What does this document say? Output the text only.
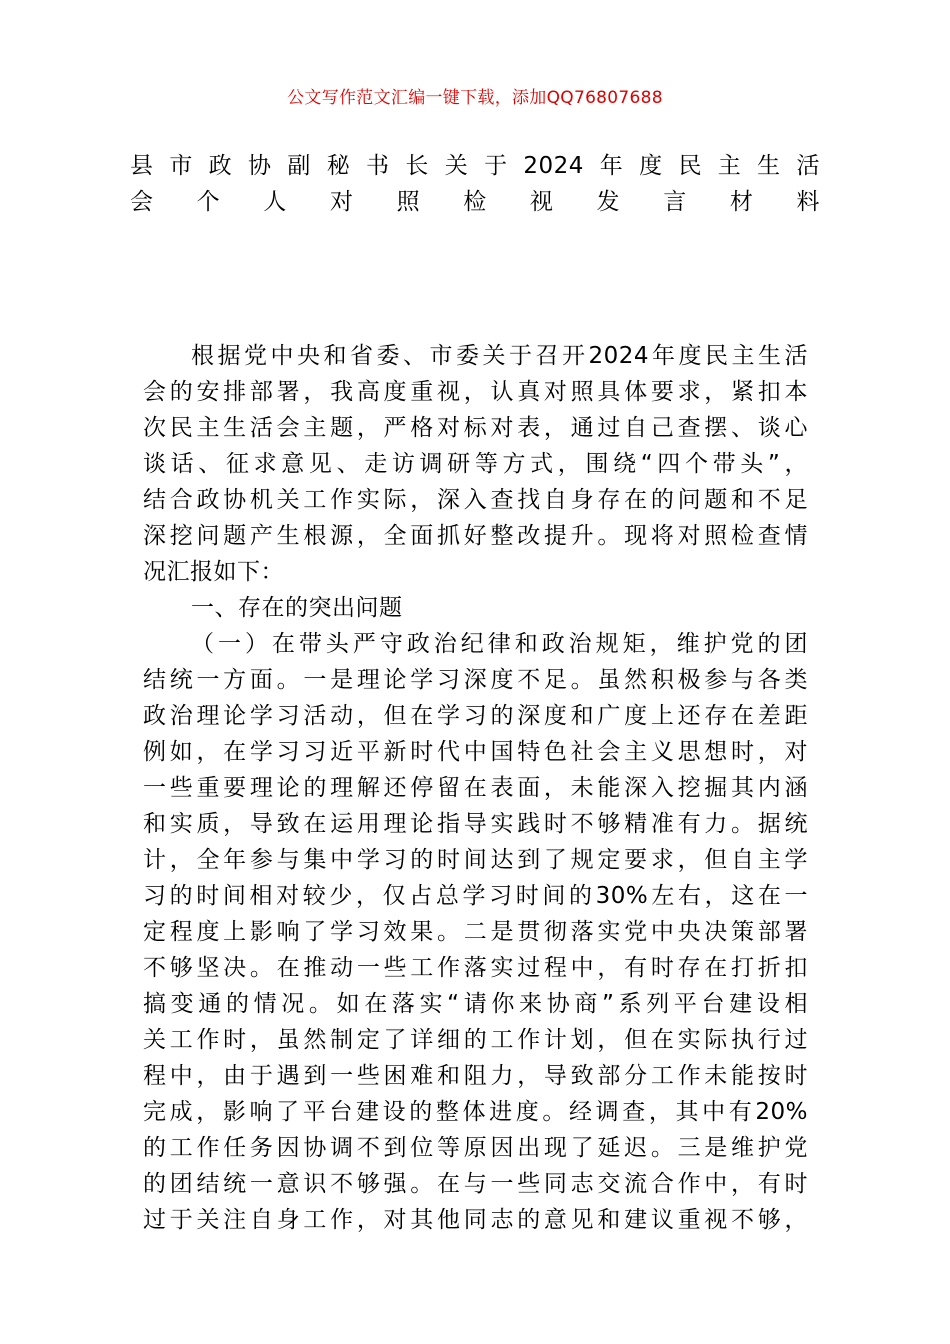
公文写作范文汇编一键下载，添加QQ76807688
县市政协副秘书长关于2024年度民主生活
会个人对照检视发言材料
根据党中央和省委、市委关于召开2024年度民主生活
会的安排部署，我高度重视，认真对照具体要求，紧扣本
次民主生活会主题，严格对标对表，通过自己查摆、谈心
谈话、征求意见、走访调研等方式，围绕“四个带头”，
结合政协机关工作实际，深入查找自身存在的问题和不足
深挖问题产生根源，全面抓好整改提升。现将对照检查情
况汇报如下：
一、存在的突出问题
（一）在带头严守政治纪律和政治规矩，维护党的团
结统一方面。一是理论学习深度不足。虽然积极参与各类
政治理论学习活动，但在学习的深度和广度上还存在差距
例如，在学习习近平新时代中国特色社会主义思想时，对
一些重要理论的理解还停留在表面，未能深入挖掘其内涵
和实质，导致在运用理论指导实践时不够精准有力。据统
计，全年参与集中学习的时间达到了规定要求，但自主学
习的时间相对较少，仅占总学习时间的30%左右，这在一
定程度上影响了学习效果。二是贯彻落实党中央决策部署
不够坚决。在推动一些工作落实过程中，有时存在打折扣
搞变通的情况。如在落实“请你来协商”系列平台建设相
关工作时，虽然制定了详细的工作计划，但在实际执行过
程中，由于遇到一些困难和阻力，导致部分工作未能按时
完成，影响了平台建设的整体进度。经调查，其中有20%
的工作任务因协调不到位等原因出现了延迟。三是维护党
的团结统一意识不够强。在与一些同志交流合作中，有时
过于关注自身工作，对其他同志的意见和建议重视不够，
